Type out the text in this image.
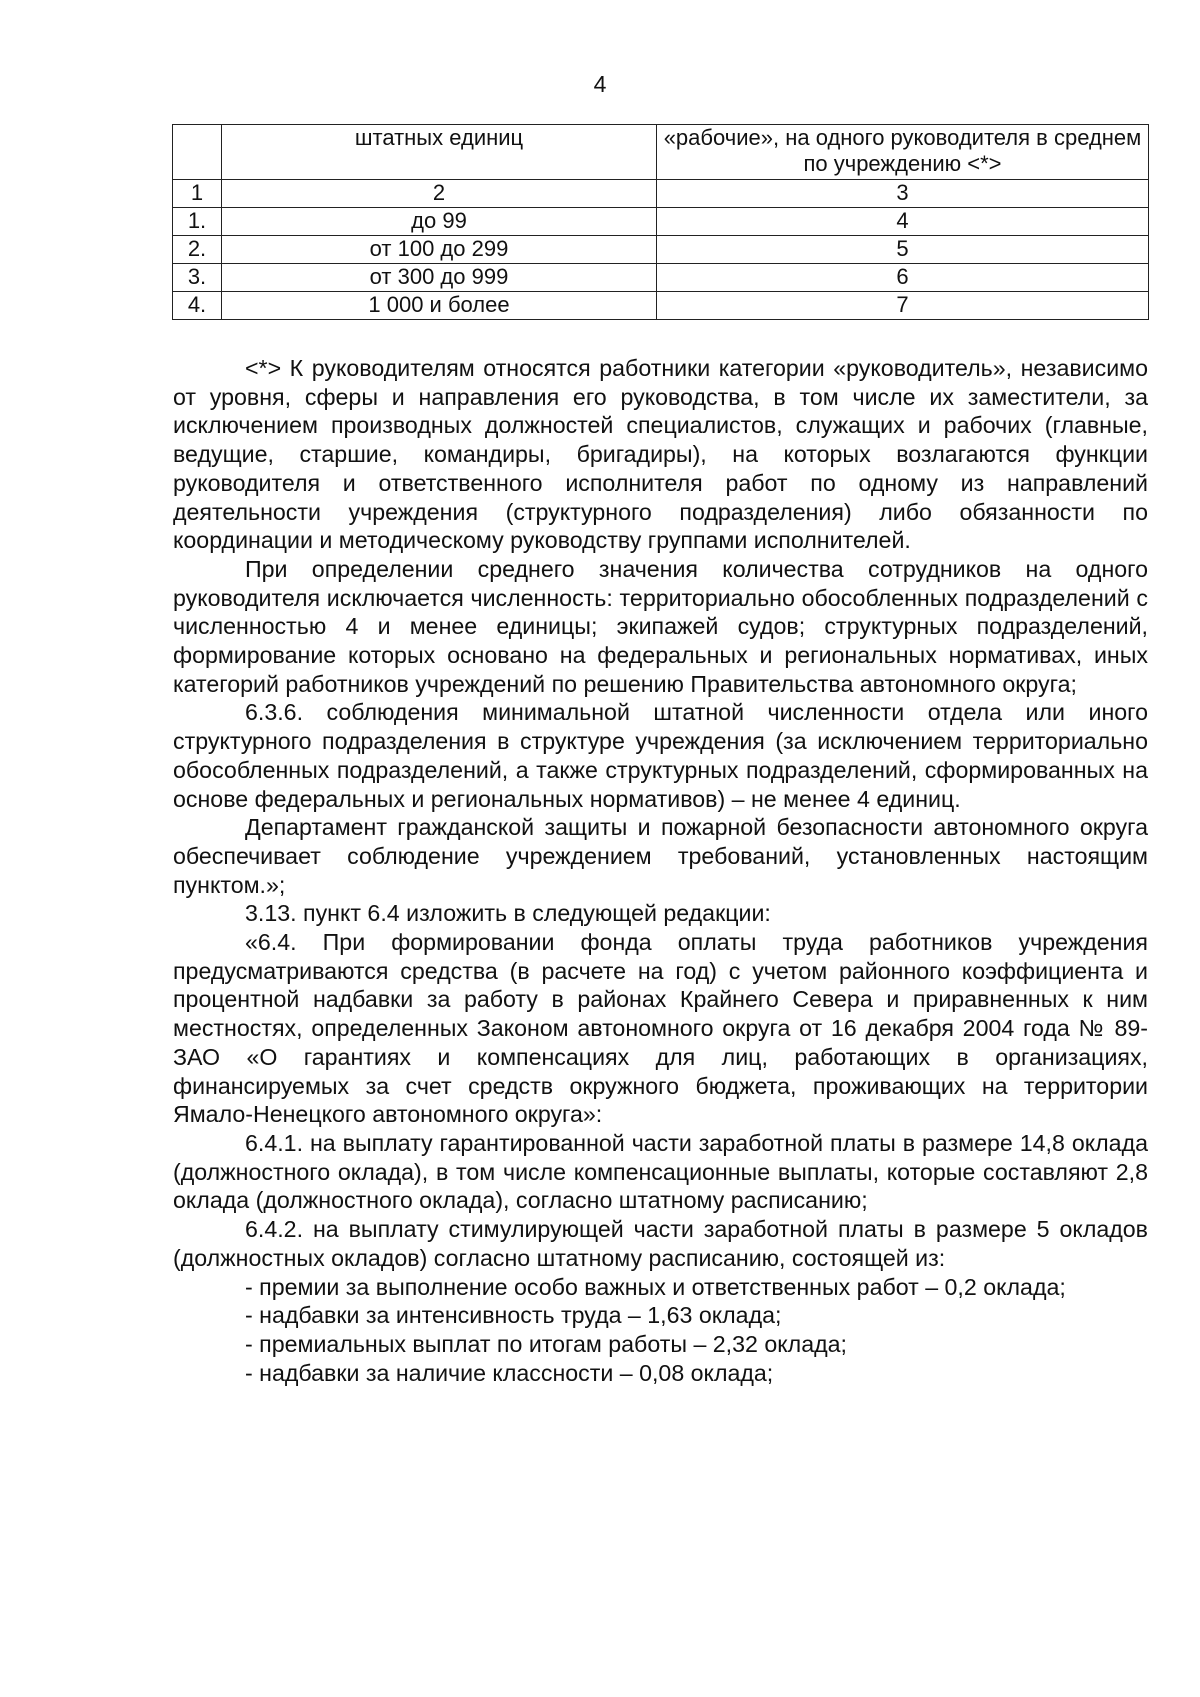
4
	штатных единиц	«рабочие», на одного руководителя в среднем по учреждению <*>
1	2	3
1.	до 99	4
2.	от 100 до 299	5
3.	от 300 до 999	6
4.	1 000 и более	7

<*> К руководителям относятся работники категории «руководитель», независимо от уровня, сферы и направления его руководства, в том числе их заместители, за исключением производных должностей специалистов, служащих и рабочих (главные, ведущие, старшие, командиры, бригадиры), на которых возлагаются функции руководителя и ответственного исполнителя работ по одному из направлений деятельности учреждения (структурного подразделения) либо обязанности по координации и методическому руководству группами исполнителей.

При определении среднего значения количества сотрудников на одного руководителя исключается численность: территориально обособленных подразделений с численностью 4 и менее единицы; экипажей судов; структурных подразделений, формирование которых основано на федеральных и региональных нормативах, иных категорий работников учреждений по решению Правительства автономного округа;

6.3.6. соблюдения минимальной штатной численности отдела или иного структурного подразделения в структуре учреждения (за исключением территориально обособленных подразделений, а также структурных подразделений, сформированных на основе федеральных и региональных нормативов) – не менее 4 единиц.

Департамент гражданской защиты и пожарной безопасности автономного округа обеспечивает соблюдение учреждением требований, установленных настоящим пунктом.»;

3.13. пункт 6.4 изложить в следующей редакции:

«6.4. При формировании фонда оплаты труда работников учреждения предусматриваются средства (в расчете на год) с учетом районного коэффициента и процентной надбавки за работу в районах Крайнего Севера и приравненных к ним местностях, определенных Законом автономного округа от 16 декабря 2004 года № 89-ЗАО «О гарантиях и компенсациях для лиц, работающих в организациях, финансируемых за счет средств окружного бюджета, проживающих на территории Ямало-Ненецкого автономного округа»:

6.4.1. на выплату гарантированной части заработной платы в размере 14,8 оклада (должностного оклада), в том числе компенсационные выплаты, которые составляют 2,8 оклада (должностного оклада), согласно штатному расписанию;

6.4.2. на выплату стимулирующей части заработной платы в размере 5 окладов (должностных окладов) согласно штатному расписанию, состоящей из:

- премии за выполнение особо важных и ответственных работ – 0,2 оклада;

- надбавки за интенсивность труда – 1,63 оклада;

- премиальных выплат по итогам работы – 2,32 оклада;

- надбавки за наличие классности – 0,08 оклада;
